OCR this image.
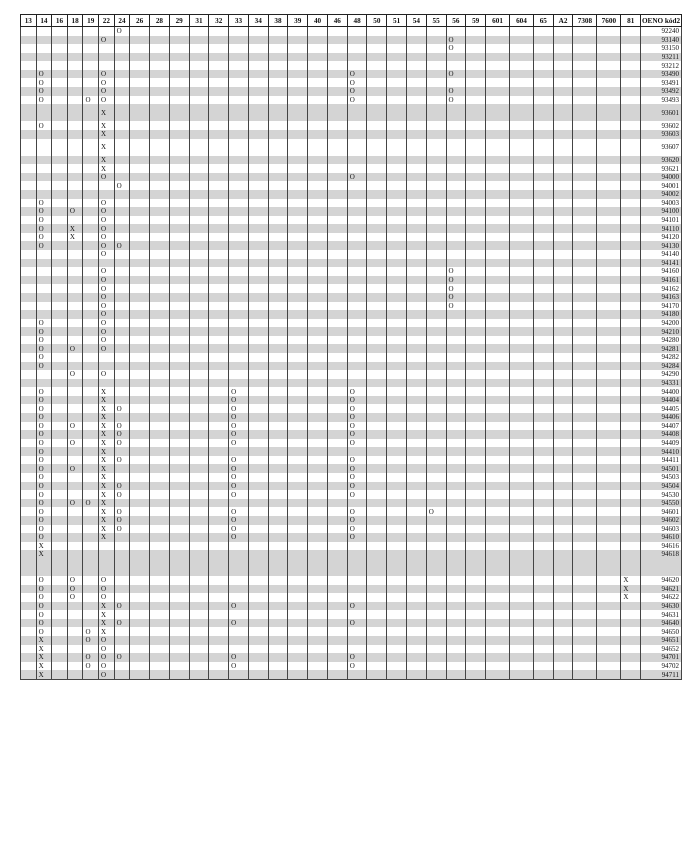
13	14	16	18	19	22	24	26	28	29	31	32	33	34	38	39	40	46	48	50	51	54	55	56	59	601	604	65	A2	7308	7600	81	OENO kód2
						O																										92240
					O																		O									93140
																							O									93150
																																93211
																																93212
	O				O													O					O									93490
	O				O													O														93491
	O				O													O					O									93492
	O			O	O													O					O									93493
					X																											93601
	O				X																											93602
					X																											93603
					X																											93607
					X																											93620
					X																											93621
					O													O														94000
						O																										94001
																																94002
	O				O																											94003
	O		O		O																											94100
	O				O																											94101
	O		X		O																											94110
	O		X		O																											94120
	O				O	O																										94130
					O																											94140
																																94141
					O																		O									94160
					O																		O									94161
					O																		O									94162
					O																		O									94163
					O																		O									94170
					O																											94180
	O				O																											94200
	O				O																											94210
	O				O																											94280
	O		O		O																											94281
	O																															94282
	O																															94284
			O		O																											94290
																																94331
	O				X							O						O														94400
	O				X							O						O														94404
	O				X	O						O						O														94405
	O				X							O						O														94406
	O		O		X	O						O						O														94407
	O				X	O						O						O														94408
	O		O		X	O						O						O														94409
	O				X																											94410
	O				X	O						O						O														94411
	O		O		X							O						O														94501
	O				X							O						O														94503
	O				X	O						O						O														94504
	O				X	O						O						O														94530
	O		O	O	X																											94550
	O				X	O						O						O				O										94601
	O				X	O						O						O														94602
	O				X	O						O						O														94603
	O				X							O						O														94610
	X																															94616
	X																															94618
	O		O		O																										X	94620
	O		O		O																										X	94621
	O		O		O																										X	94622
	O				X	O						O						O														94630
	O				X																											94631
	O				X	O						O						O														94640
	O			O	X																											94650
	X			O	O																											94651
	X				O																											94652
	X			O	O	O						O						O														94701
	X			O	O							O						O														94702
	X				O																											94711
